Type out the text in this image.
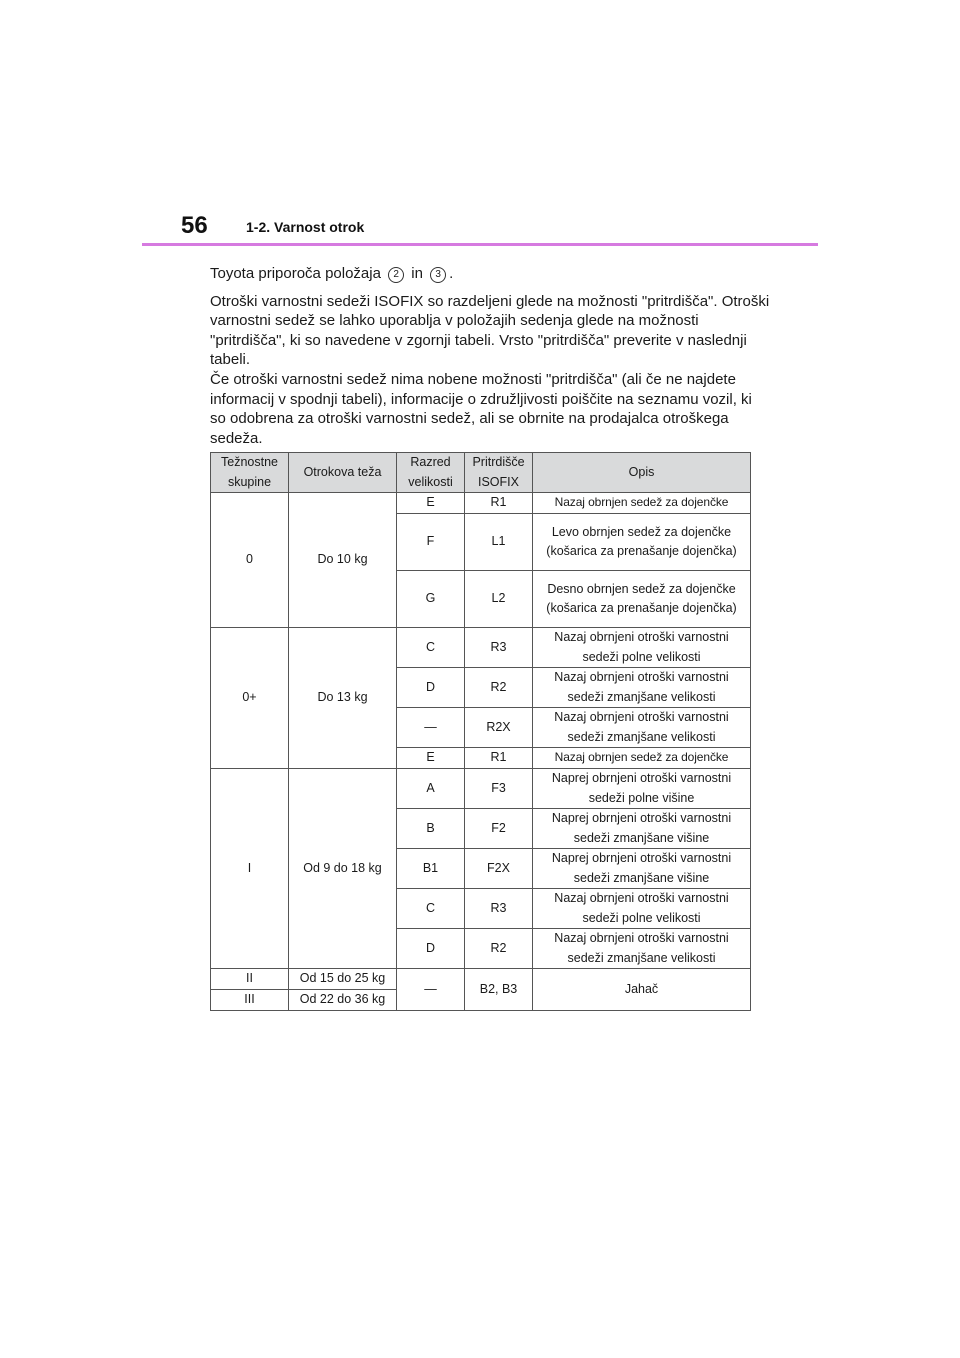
56	1-2. Varnost otrok

Toyota priporoča položaja 2 in 3 .

Otroški varnostni sedeži ISOFIX so razdeljeni glede na možnosti "pritrdišča". Otroški varnostni sedež se lahko uporablja v položajih sedenja glede na možnosti "pritrdišča", ki so navedene v zgornji tabeli. Vrsto "pritrdišča" preverite v naslednji tabeli.

Če otroški varnostni sedež nima nobene možnosti "pritrdišča" (ali če ne najdete informacij v spodnji tabeli), informacije o združljivosti poiščite na seznamu vozil, ki so odobrena za otroški varnostni sedež, ali se obrnite na prodajalca otroškega sedeža.

Težnostne skupine	Otrokova teža	Razred velikosti	Pritrdišče ISOFIX	Opis
0	Do 10 kg	E	R1	Nazaj obrnjen sedež za dojenčke
		F	L1	Levo obrnjen sedež za dojenčke (košarica za prenašanje dojenčka)
		G	L2	Desno obrnjen sedež za dojenčke (košarica za prenašanje dojenčka)
0+	Do 13 kg	C	R3	Nazaj obrnjeni otroški varnostni sedeži polne velikosti
		D	R2	Nazaj obrnjeni otroški varnostni sedeži zmanjšane velikosti
		—	R2X	Nazaj obrnjeni otroški varnostni sedeži zmanjšane velikosti
		E	R1	Nazaj obrnjen sedež za dojenčke
I	Od 9 do 18 kg	A	F3	Naprej obrnjeni otroški varnostni sedeži polne višine
		B	F2	Naprej obrnjeni otroški varnostni sedeži zmanjšane višine
		B1	F2X	Naprej obrnjeni otroški varnostni sedeži zmanjšane višine
		C	R3	Nazaj obrnjeni otroški varnostni sedeži polne velikosti
		D	R2	Nazaj obrnjeni otroški varnostni sedeži zmanjšane velikosti
II	Od 15 do 25 kg	—	B2, B3	Jahač
III	Od 22 do 36 kg			
